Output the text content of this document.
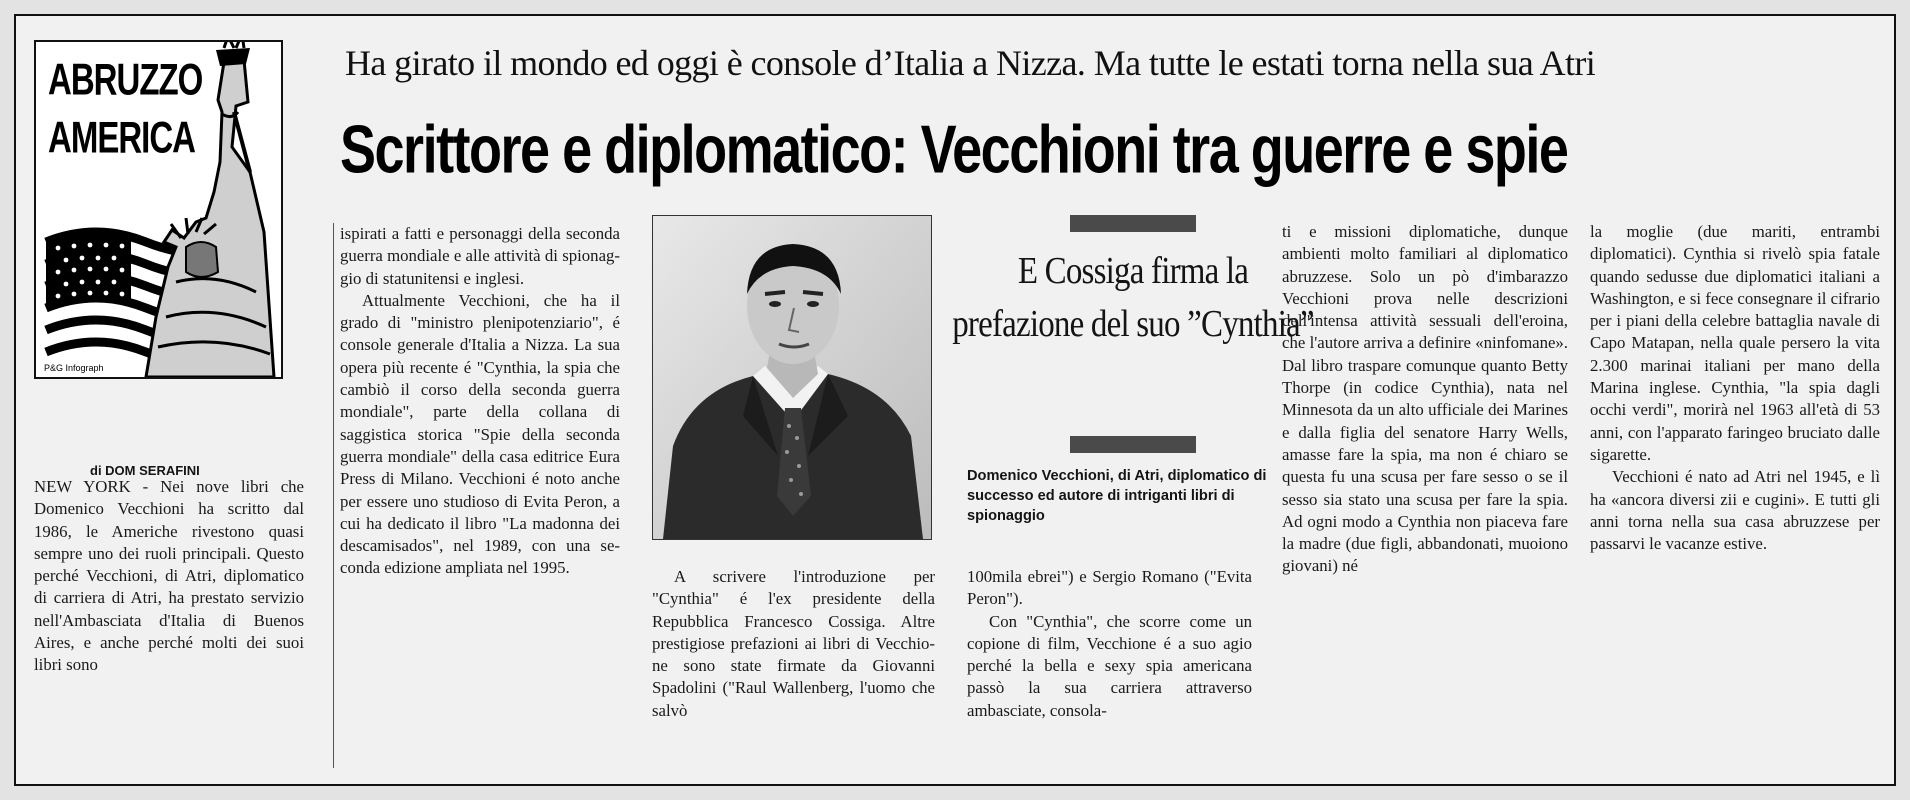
ABRUZZO
AMERICA
P&G Infograph
Ha girato il mondo ed oggi è console d’Italia a Nizza. Ma tutte le estati torna nella sua Atri
Scrittore e diplomatico: Vecchioni tra guerre e spie
di DOM SERAFINI

NEW YORK - Nei nove libri che Domenico Vecchioni ha scritto dal 1986, le Americhe rivestono quasi sempre uno dei ruoli principali. Questo perché Vecchioni, di Atri, diplomatico di carriera di Atri, ha prestato servizio nell'Ambasciata d'Italia di Buenos Aires, e anche perché molti dei suoi libri sono

ispirati a fatti e personaggi della seconda guerra mondiale e alle attività di spionaggio di statunitensi e inglesi.

Attualmente Vecchioni, che ha il grado di "ministro plenipotenziario", é console generale d'Italia a Nizza. La sua opera più recente é "Cynthia, la spia che cambiò il corso della seconda guerra mondiale", parte della collana di saggistica storica "Spie della seconda guerra mondiale" della casa editrice Eura Press di Milano. Vecchioni é noto anche per essere uno studioso di Evita Peron, a cui ha dedicato il libro "La madonna dei descamisados", nel 1989, con una seconda edizione ampliata nel 1995.

E Cossiga firma la prefazione del suo ”Cynthia”
Domenico Vecchioni, di Atri, diplomatico di successo ed autore di intriganti libri di spionaggio

A scrivere l'introduzione per "Cynthia" é l'ex presidente della Repubblica Francesco Cossiga. Altre prestigiose prefazioni ai libri di Vecchione sono state firmate da Giovanni Spadolini ("Raul Wallenberg, l'uomo che salvò

100mila ebrei") e Sergio Romano ("Evita Peron").

Con "Cynthia", che scorre come un copione di film, Vecchione é a suo agio perché la bella e sexy spia americana passò la sua carriera attraverso ambasciate, consola-

ti e missioni diplomatiche, dunque ambienti molto familiari al diplomatico abruzzese. Solo un pò d'imbarazzo Vecchioni prova nelle descrizioni dell'intensa attività sessuali dell'eroina, che l'autore arriva a definire «ninfomane». Dal libro traspare comunque quanto Betty Thorpe (in codice Cynthia), nata nel Minnesota da un alto ufficiale dei Marines e dalla figlia del senatore Harry Wells, amasse fare la spia, ma non é chiaro se questa fu una scusa per fare sesso o se il sesso sia stato una scusa per fare la spia. Ad ogni modo a Cynthia non piaceva fare la madre (due figli, abbandonati, muoiono giovani) né

la moglie (due mariti, entrambi diplomatici). Cynthia si rivelò spia fatale quando sedusse due diplomatici italiani a Washington, e si fece consegnare il cifrario per i piani della celebre battaglia navale di Capo Matapan, nella quale persero la vita 2.300 marinai italiani per mano della Marina inglese. Cynthia, "la spia dagli occhi verdi", morirà nel 1963 all'età di 53 anni, con l'apparato faringeo bruciato dalle sigarette.

Vecchioni é nato ad Atri nel 1945, e lì ha «ancora diversi zii e cugini». E tutti gli anni torna nella sua casa abruzzese per passarvi le vacanze estive.
